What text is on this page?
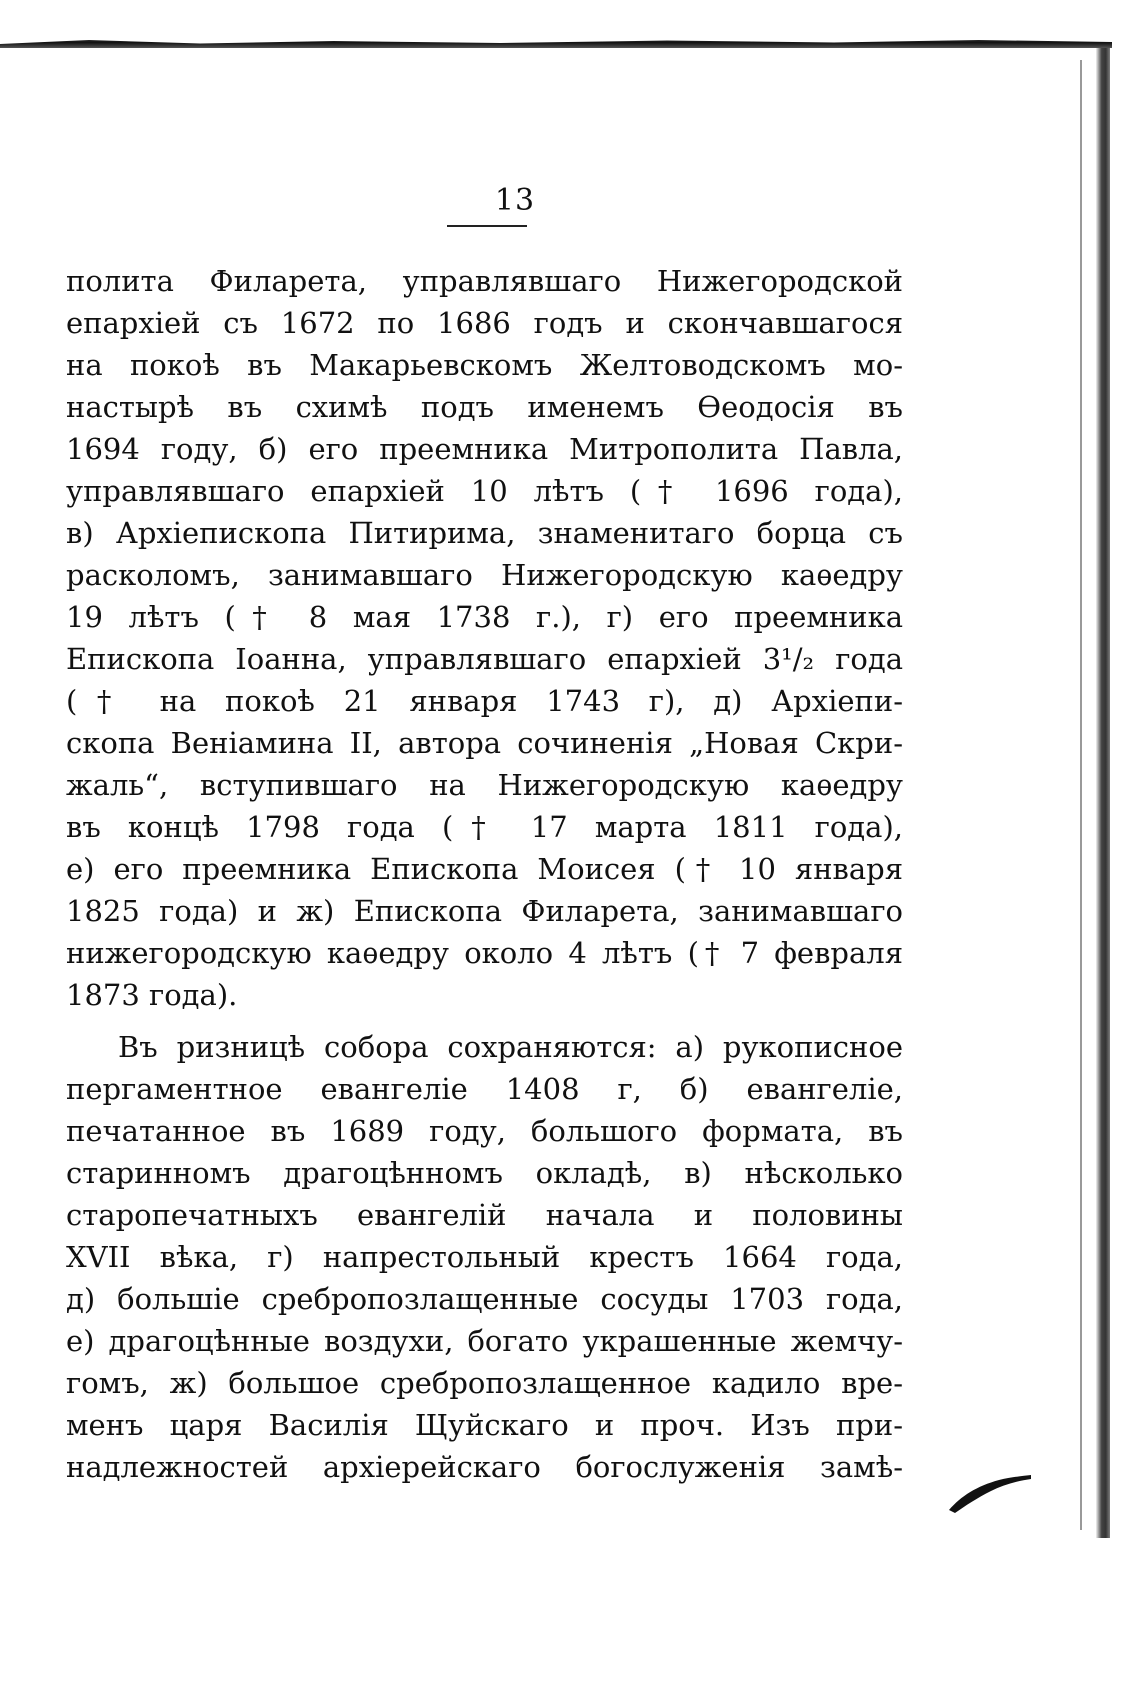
13
полита Филарета, управлявшаго Нижегородской
епархіей съ 1672 по 1686 годъ и скончавшагося
на покоѣ въ Макарьевскомъ Желтоводскомъ мо-
настырѣ въ схимѣ подъ именемъ Ѳеодосія въ
1694 году, б) его преемника Митрополита Павла,
управлявшаго епархіей 10 лѣтъ († 1696 года),
в) Архіепископа Питирима, знаменитаго борца съ
расколомъ, занимавшаго Нижегородскую каѳедру
19 лѣтъ († 8 мая 1738 г.), г) его преемника
Епископа Іоанна, управлявшаго епархіей 3¹/₂ года
(† на покоѣ 21 января 1743 г), д) Архіепи-
скопа Веніамина II, автора сочиненія „Новая Скри-
жаль“, вступившаго на Нижегородскую каѳедру
въ концѣ 1798 года († 17 марта 1811 года),
е) его преемника Епископа Моисея († 10 января
1825 года) и ж) Епископа Филарета, занимавшаго
нижегородскую каѳедру около 4 лѣтъ († 7 февраля
1873 года).
Въ ризницѣ собора сохраняются: а) рукописное
пергаментное евангеліе 1408 г, б) евангеліе,
печатанное въ 1689 году, большого формата, въ
старинномъ драгоцѣнномъ окладѣ, в) нѣсколько
старопечатныхъ евангелій начала и половины
XVII вѣка, г) напрестольный крестъ 1664 года,
д) большіе сребропозлащенные сосуды 1703 года,
е) драгоцѣнные воздухи, богато украшенные жемчу-
гомъ, ж) большое сребропозлащенное кадило вре-
менъ царя Василія Щуйскаго и проч. Изъ при-
надлежностей архіерейскаго богослуженія замѣ-
